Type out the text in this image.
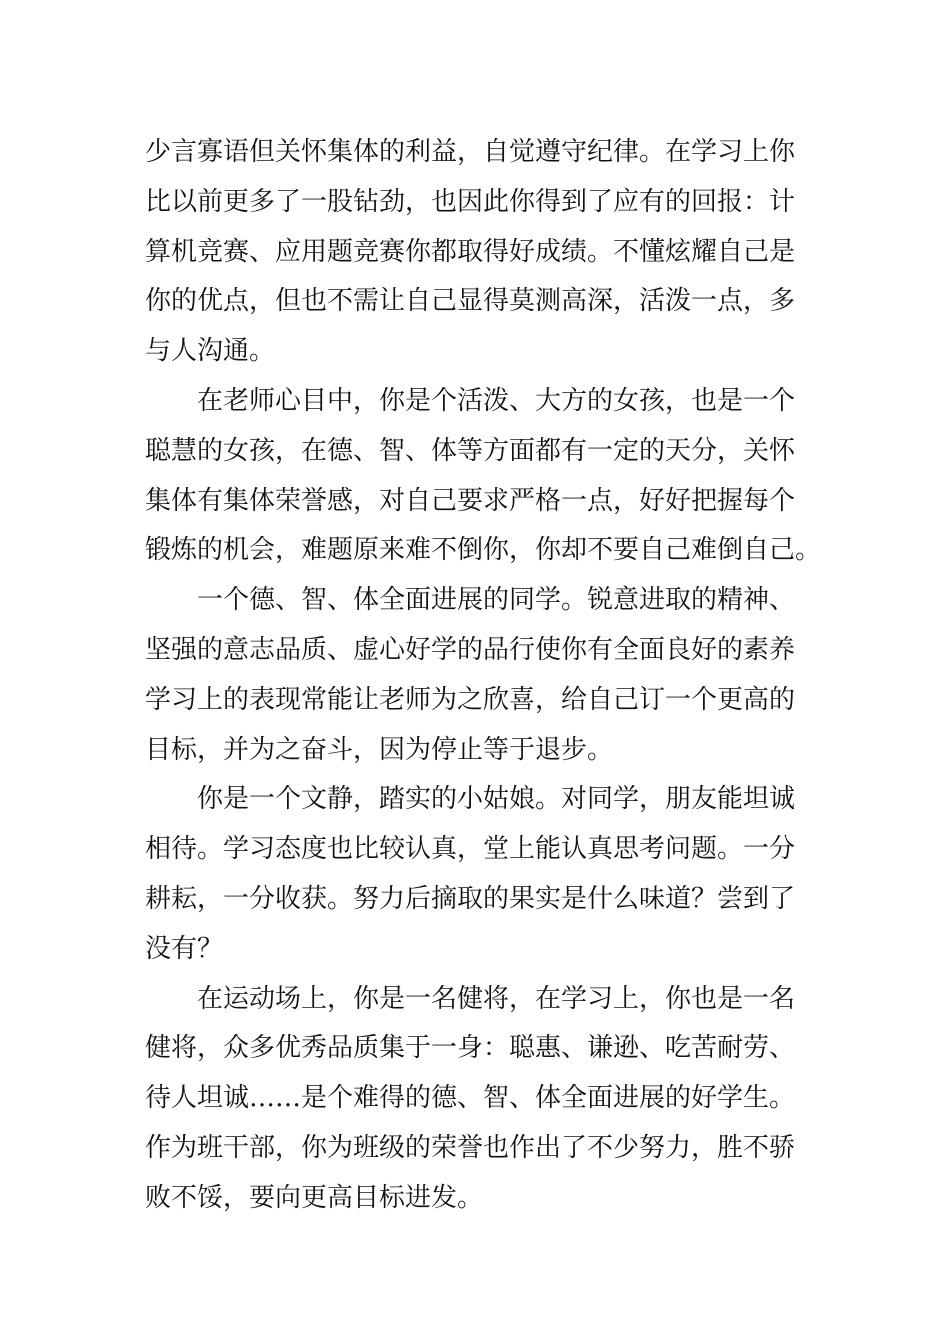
少言寡语但关怀集体的利益，自觉遵守纪律。在学习上你
比以前更多了一股钻劲，也因此你得到了应有的回报：计
算机竞赛、应用题竞赛你都取得好成绩。不懂炫耀自己是
你的优点，但也不需让自己显得莫测高深，活泼一点，多
与人沟通。

在老师心目中，你是个活泼、大方的女孩，也是一个
聪慧的女孩，在德、智、体等方面都有一定的天分，关怀
集体有集体荣誉感，对自己要求严格一点，好好把握每个
锻炼的机会，难题原来难不倒你，你却不要自己难倒自己。

一个德、智、体全面进展的同学。锐意进取的精神、
坚强的意志品质、虚心好学的品行使你有全面良好的素养
学习上的表现常能让老师为之欣喜，给自己订一个更高的
目标，并为之奋斗，因为停止等于退步。

你是一个文静，踏实的小姑娘。对同学，朋友能坦诚
相待。学习态度也比较认真，堂上能认真思考问题。一分
耕耘，一分收获。努力后摘取的果实是什么味道？尝到了
没有？

在运动场上，你是一名健将，在学习上，你也是一名
健将，众多优秀品质集于一身：聪惠、谦逊、吃苦耐劳、
待人坦诚……是个难得的德、智、体全面进展的好学生。
作为班干部，你为班级的荣誉也作出了不少努力，胜不骄
败不馁，要向更高目标进发。
